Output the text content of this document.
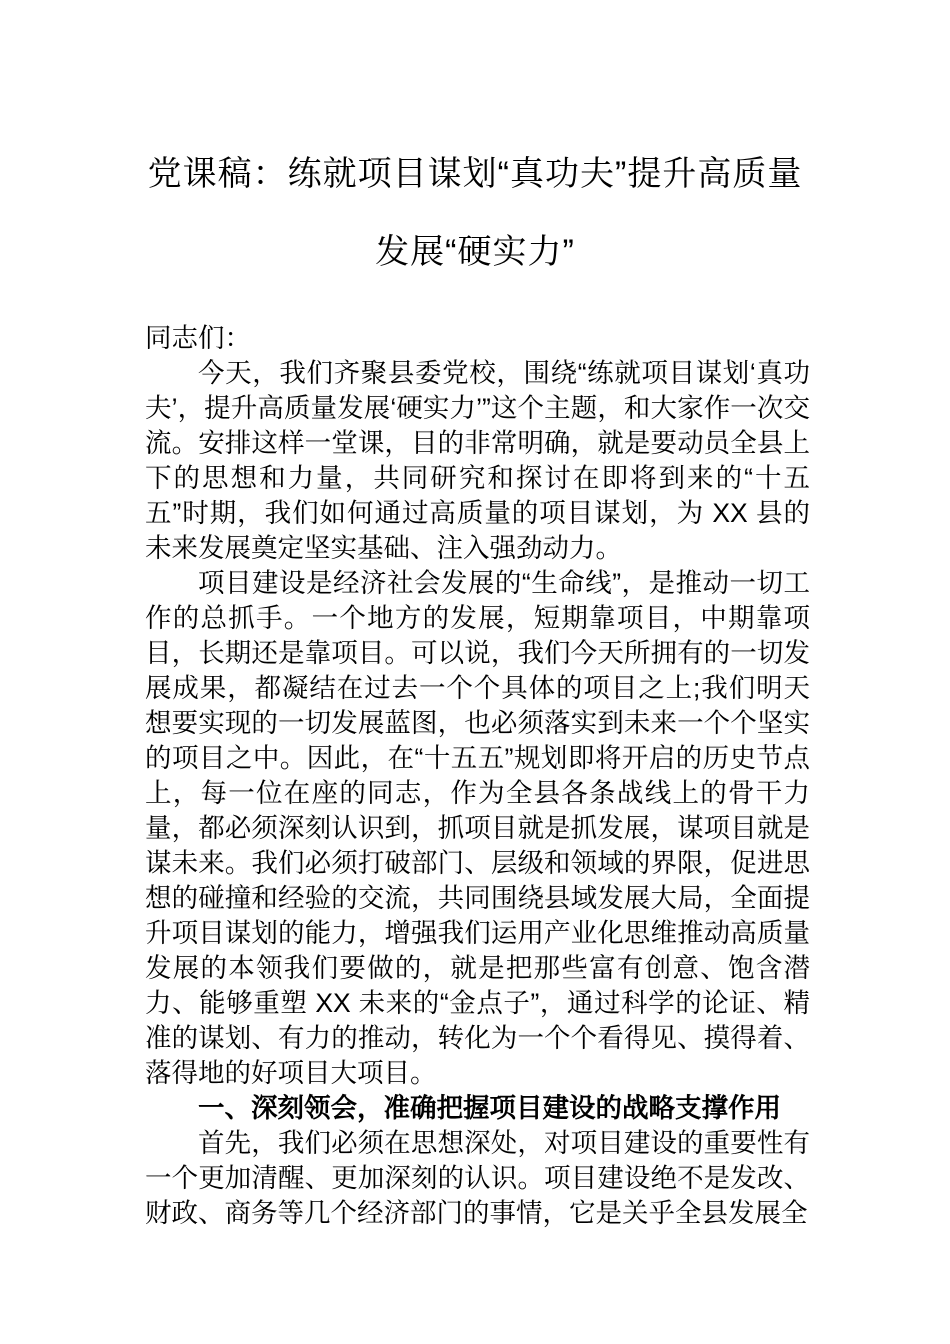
党课稿：练就项目谋划“真功夫”提升高质量
发展“硬实力”

同志们：

今天，我们齐聚县委党校，围绕“练就项目谋划‘真功夫’，提升高质量发展‘硬实力’”这个主题，和大家作一次交流。安排这样一堂课，目的非常明确，就是要动员全县上下的思想和力量，共同研究和探讨在即将到来的“十五五”时期，我们如何通过高质量的项目谋划，为 XX 县的未来发展奠定坚实基础、注入强劲动力。

项目建设是经济社会发展的“生命线”，是推动一切工作的总抓手。一个地方的发展，短期靠项目，中期靠项目，长期还是靠项目。可以说，我们今天所拥有的一切发展成果，都凝结在过去一个个具体的项目之上;我们明天想要实现的一切发展蓝图，也必须落实到未来一个个坚实的项目之中。因此，在“十五五”规划即将开启的历史节点上，每一位在座的同志，作为全县各条战线上的骨干力量，都必须深刻认识到，抓项目就是抓发展，谋项目就是谋未来。我们必须打破部门、层级和领域的界限，促进思想的碰撞和经验的交流，共同围绕县域发展大局，全面提升项目谋划的能力，增强我们运用产业化思维推动高质量发展的本领我们要做的，就是把那些富有创意、饱含潜力、能够重塑 XX 未来的“金点子”，通过科学的论证、精准的谋划、有力的推动，转化为一个个看得见、摸得着、落得地的好项目大项目。

一、深刻领会，准确把握项目建设的战略支撑作用

首先，我们必须在思想深处，对项目建设的重要性有一个更加清醒、更加深刻的认识。项目建设绝不是发改、财政、商务等几个经济部门的事情，它是关乎全县发展全
